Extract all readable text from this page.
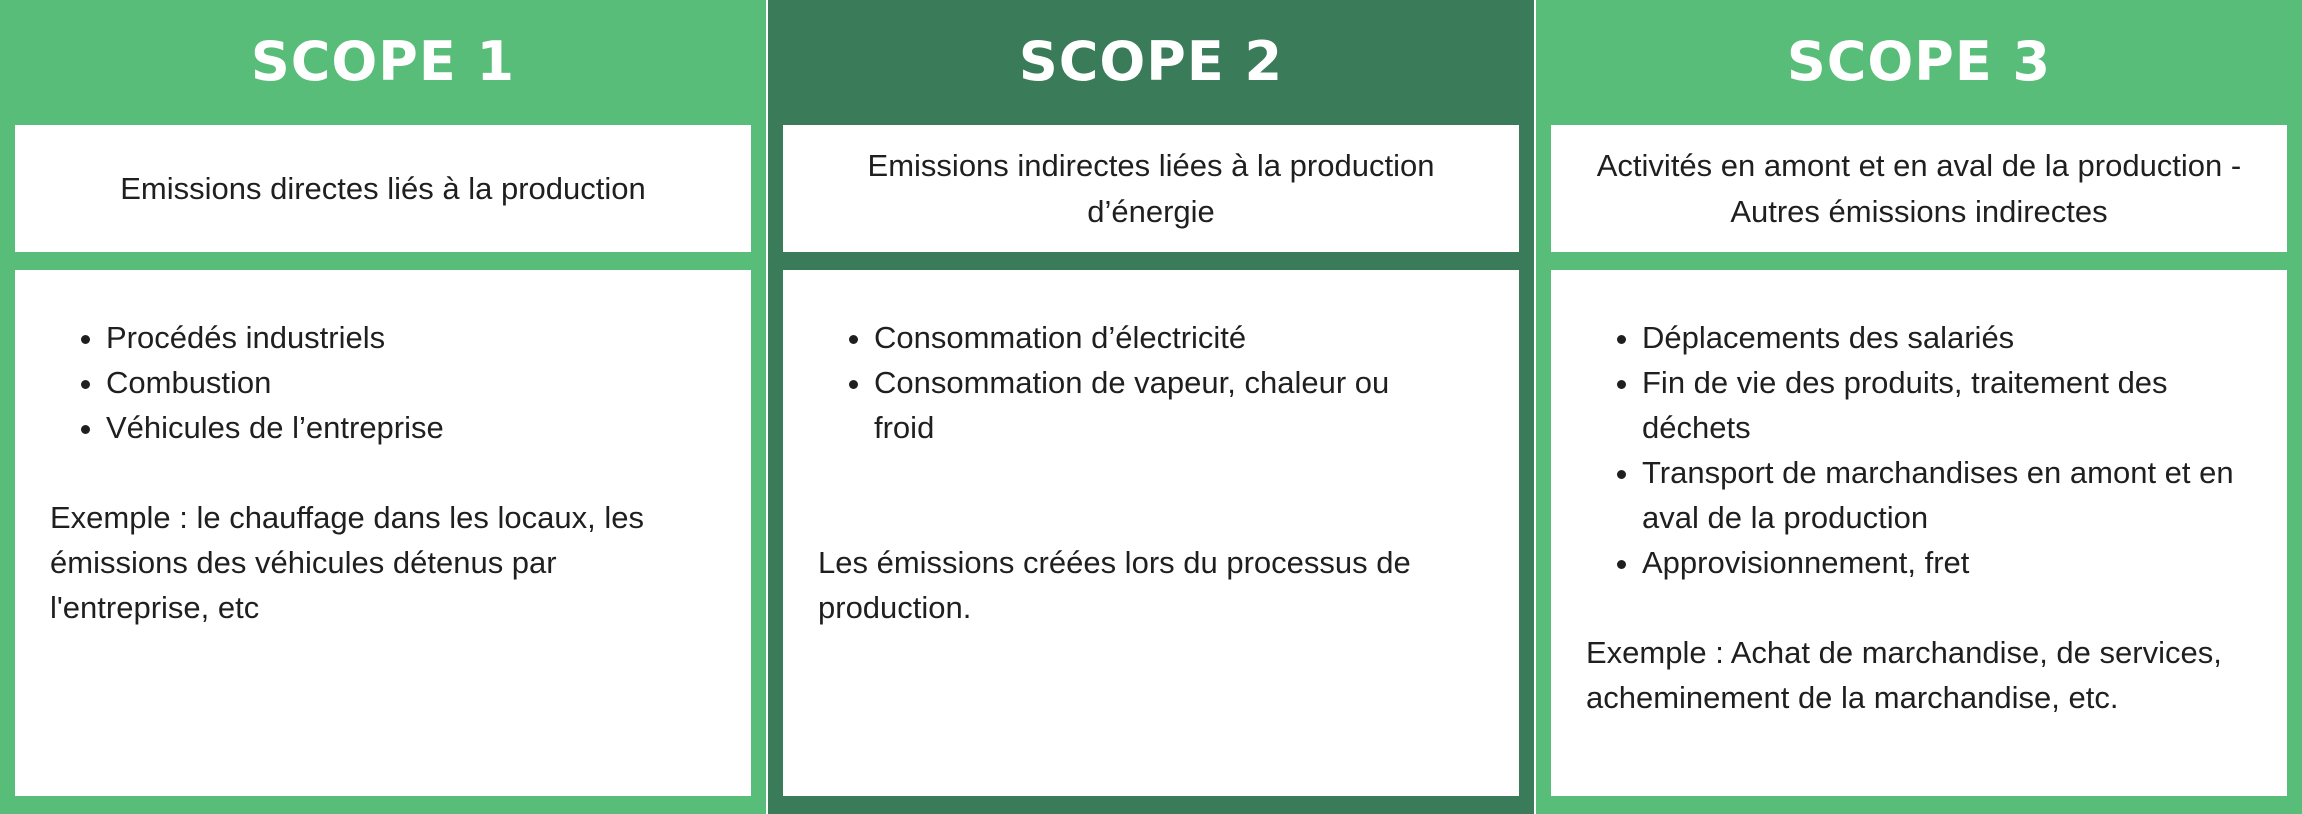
SCOPE 1
Emissions directes liés à la production
• Procédés industriels
• Combustion
• Véhicules de l’entreprise

Exemple : le chauffage dans les locaux, les émissions des véhicules détenus par l'entreprise, etc

SCOPE 2
Emissions indirectes liées à la production d’énergie
• Consommation d’électricité
• Consommation de vapeur, chaleur ou froid

Les émissions créées lors du processus de production.

SCOPE 3
Activités en amont et en aval de la production - Autres émissions indirectes
• Déplacements des salariés
• Fin de vie des produits, traitement des déchets
• Transport de marchandises en amont et en aval de la production
• Approvisionnement, fret

Exemple : Achat de marchandise, de services, acheminement de la marchandise, etc.
